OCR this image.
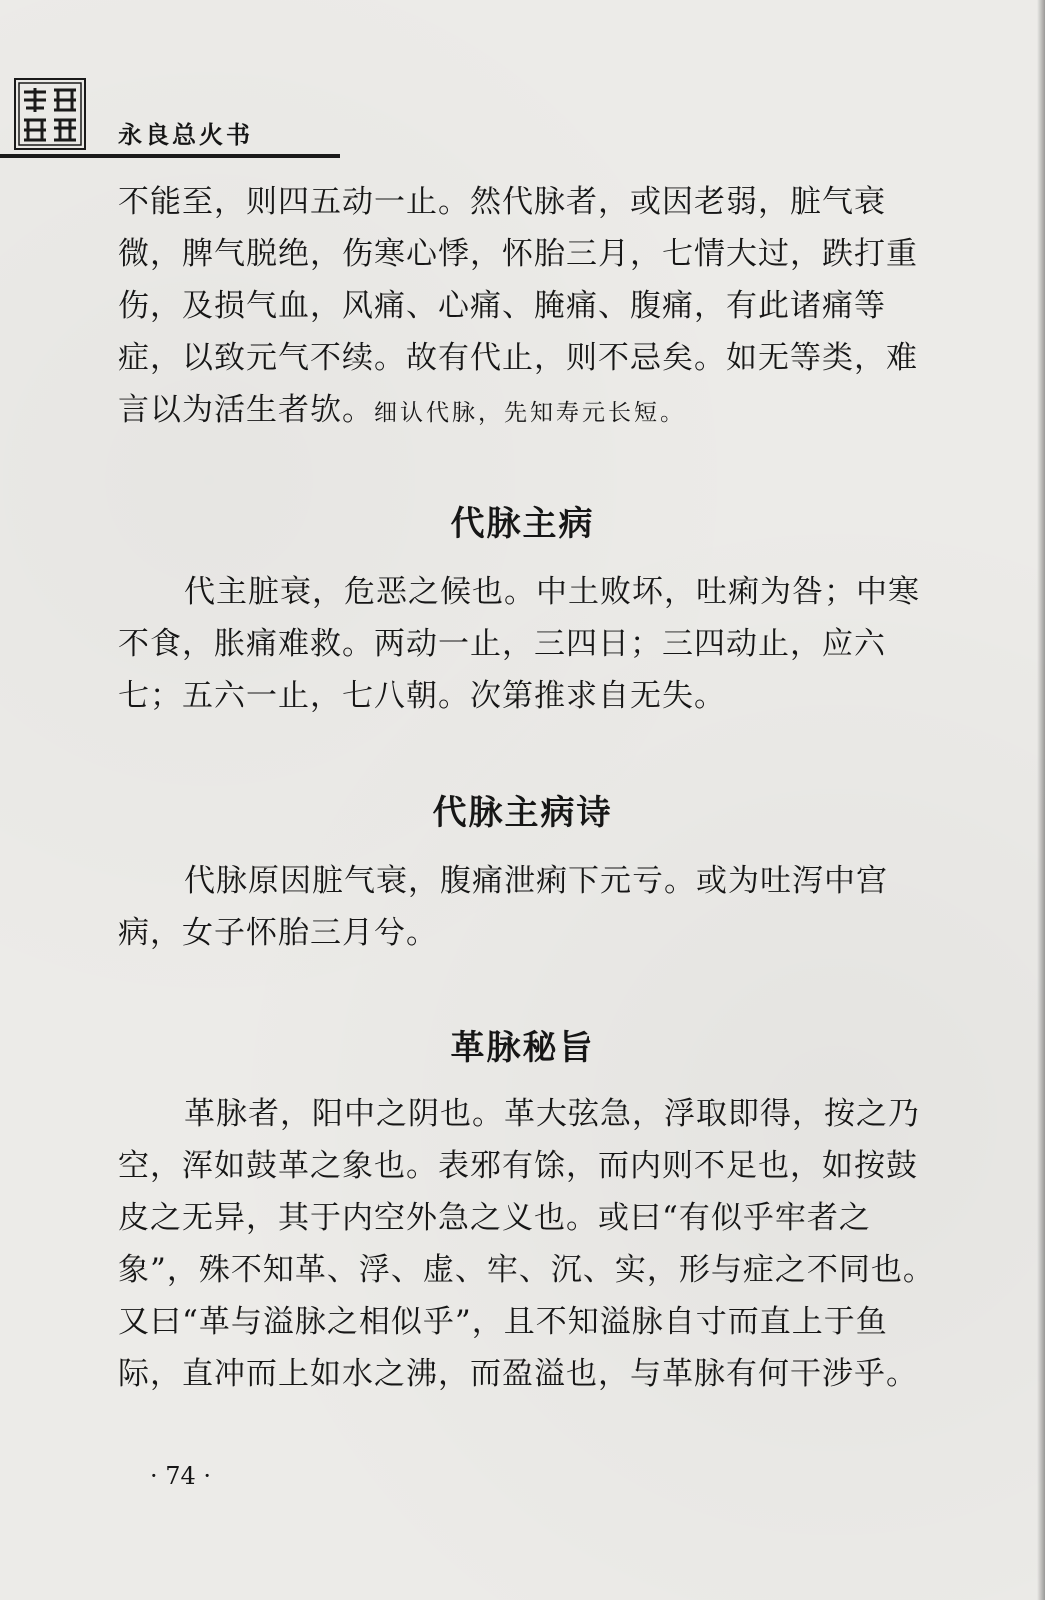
永良总火书

不能至，则四五动一止。然代脉者，或因老弱，脏气衰微，脾气脱绝，伤寒心悸，怀胎三月，七情大过，跌打重伤，及损气血，风痛、心痛、腌痛、腹痛，有此诸痛等症，以致元气不续。故有代止，则不忌矣。如无等类，难言以为活生者欤。细认代脉，先知寿元长短。

代脉主病

代主脏衰，危恶之候也。中土败坏，吐痢为咎；中寒不食，胀痛难救。两动一止，三四日；三四动止，应六七；五六一止，七八朝。次第推求自无失。

代脉主病诗

代脉原因脏气衰，腹痛泄痢下元亏。或为吐泻中宫病，女子怀胎三月兮。

革脉秘旨

革脉者，阳中之阴也。革大弦急，浮取即得，按之乃空，浑如鼓革之象也。表邪有馀，而内则不足也，如按鼓皮之无异，其于内空外急之义也。或曰“有似乎牢者之象”，殊不知革、浮、虚、牢、沉、实，形与症之不同也。又曰“革与溢脉之相似乎”，且不知溢脉自寸而直上于鱼际，直冲而上如水之沸，而盈溢也，与革脉有何干涉乎。

· 74 ·
